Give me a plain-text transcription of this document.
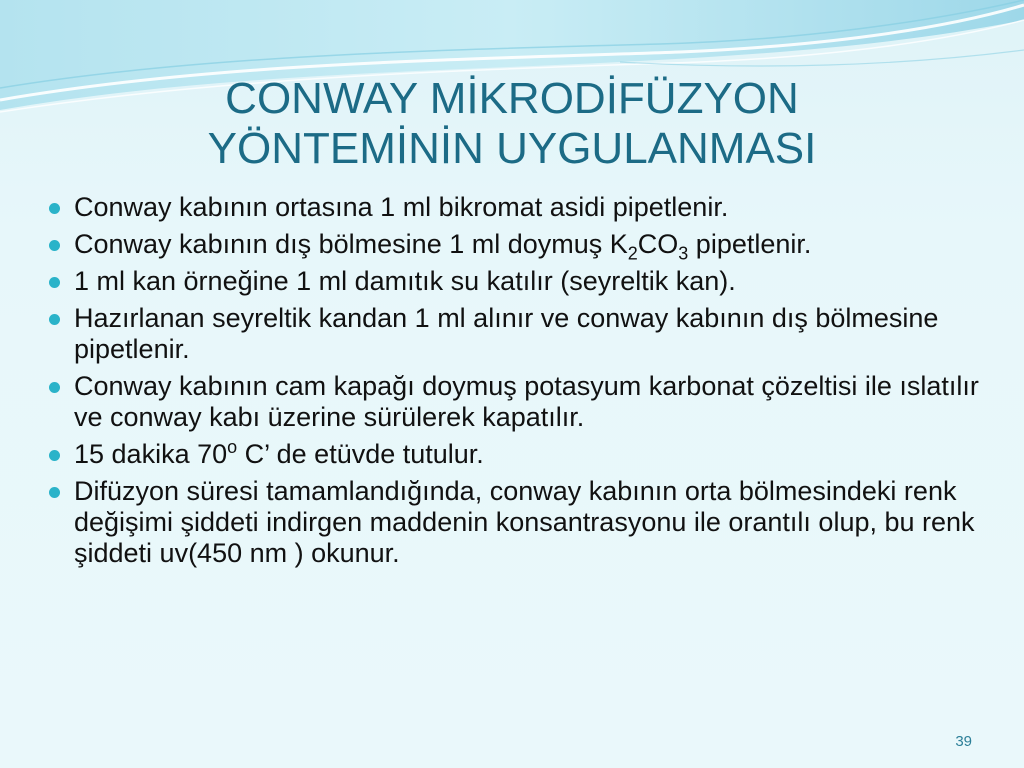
CONWAY MİKRODİFÜZYON
YÖNTEMİNİN UYGULANMASI
Conway kabının ortasına 1 ml bikromat asidi pipetlenir.
Conway kabının dış bölmesine 1 ml doymuş $K_2CO_3$ pipetlenir.
1 ml kan örneğine 1 ml damıtık su katılır (seyreltik kan).
Hazırlanan seyreltik kandan 1 ml alınır ve conway kabının dış bölmesine pipetlenir.
Conway kabının cam kapağı doymuş potasyum karbonat çözeltisi ile ıslatılır ve conway kabı üzerine sürülerek kapatılır.
15 dakika 70$^o$ C’ de etüvde tutulur.
Difüzyon süresi tamamlandığında, conway kabının orta bölmesindeki renk değişimi şiddeti indirgen maddenin konsantrasyonu ile orantılı olup, bu renk şiddeti uv(450 nm ) okunur.
39
